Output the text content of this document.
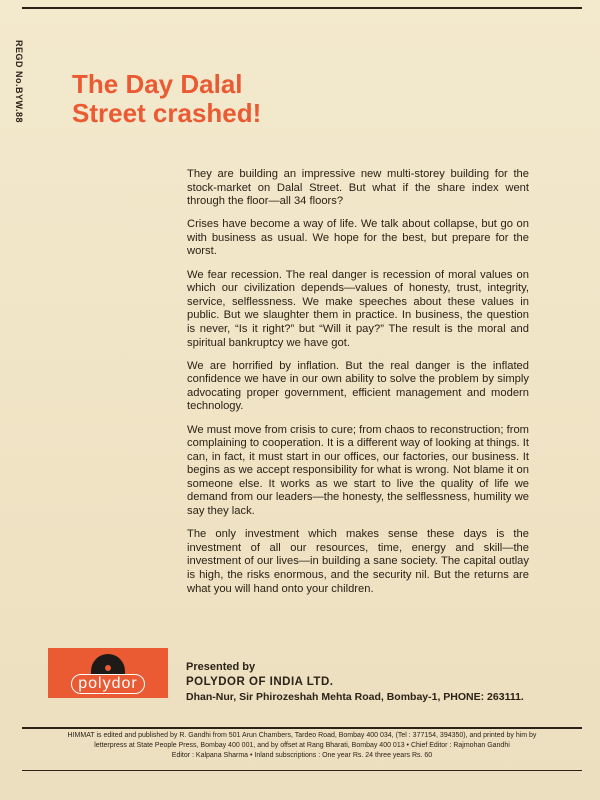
REGD No.BYW.88 The Day Dalal
Street crashed!

They are building an impressive new multi-storey building for the stock-market on Dalal Street. But what if the share index went through the floor—all 34 floors?

Crises have become a way of life. We talk about collapse, but go on with business as usual. We hope for the best, but prepare for the worst.

We fear recession. The real danger is recession of moral values on which our civilization depends—values of honesty, trust, integrity, service, selflessness. We make speeches about these values in public. But we slaughter them in practice. In business, the question is never, “Is it right?” but “Will it pay?” The result is the moral and spiritual bankruptcy we have got.

We are horrified by inflation. But the real danger is the inflated confidence we have in our own ability to solve the problem by simply advocating proper government, efficient management and modern technology.

We must move from crisis to cure; from chaos to reconstruction; from complaining to cooperation. It is a different way of looking at things. It can, in fact, it must start in our offices, our factories, our business. It begins as we accept responsibility for what is wrong. Not blame it on someone else. It works as we start to live the quality of life we demand from our leaders—the honesty, the selflessness, humility we say they lack.

The only investment which makes sense these days is the investment of all our resources, time, energy and skill—the investment of our lives—in building a sane society. The capital outlay is high, the risks enormous, and the security nil. But the returns are what you will hand onto your children.

polydor
Presented by
POLYDOR OF INDIA LTD.
Dhan-Nur, Sir Phirozeshah Mehta Road, Bombay-1, PHONE: 263111.
HIMMAT is edited and published by R. Gandhi from 501 Arun Chambers, Tardeo Road, Bombay 400 034, (Tel : 377154, 394350), and printed by him by
letterpress at State People Press, Bombay 400 001, and by offset at Rang Bharati, Bombay 400 013 • Chief Editor : Rajmohan Gandhi
Editor : Kalpana Sharma • Inland subscriptions : One year Rs. 24 three years Rs. 60
